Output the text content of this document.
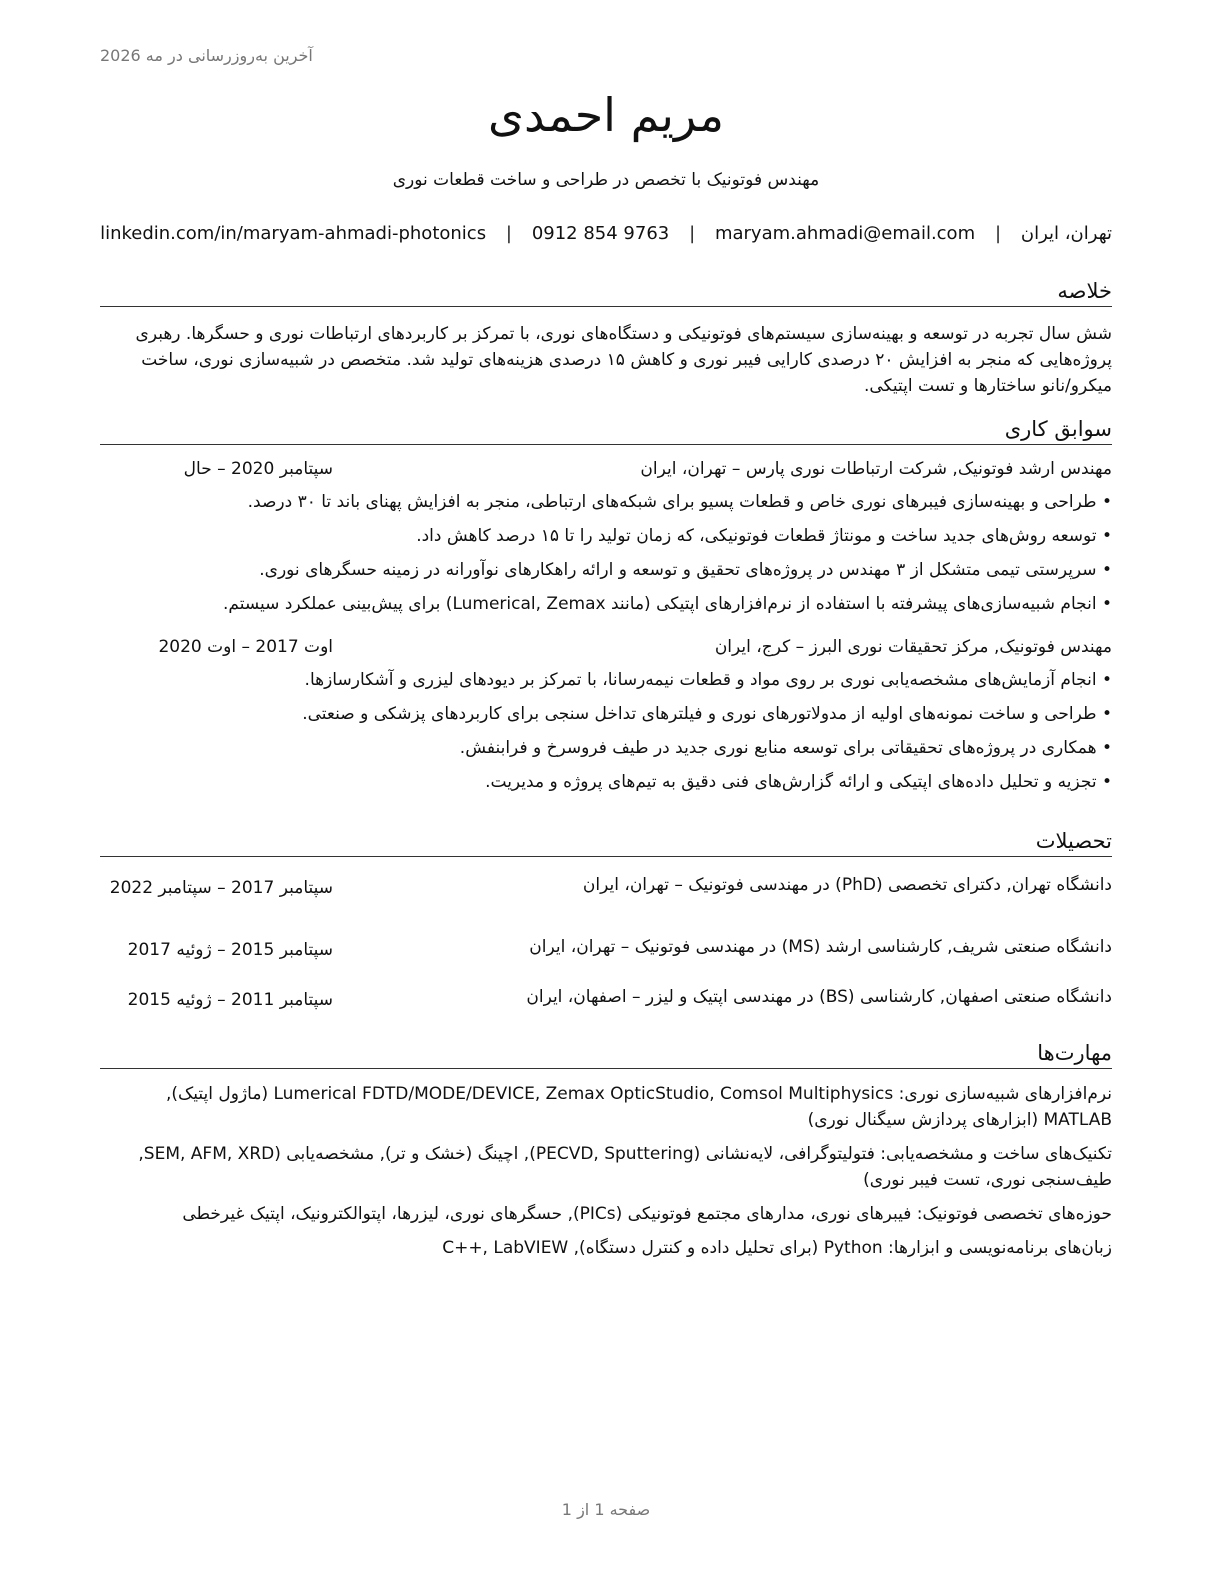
آخرین به‌روزرسانی در مه 2026
مریم احمدی
مهندس فوتونیک با تخصص در طراحی و ساخت قطعات نوری
تهران، ایران
|
maryam.ahmadi@email.com
|
0912 854 9763
|
linkedin.com/in/maryam-ahmadi-photonics
خلاصه
شش سال تجربه در توسعه و بهینه‌سازی سیستم‌های فوتونیکی و دستگاه‌های نوری، با تمرکز بر کاربردهای ارتباطات نوری و حسگرها. رهبری پروژه‌هایی که منجر به افزایش ۲۰ درصدی کارایی فیبر نوری و کاهش ۱۵ درصدی هزینه‌های تولید شد. متخصص در شبیه‌سازی نوری، ساخت میکرو/نانو ساختارها و تست اپتیکی.
سوابق کاری
مهندس ارشد فوتونیک, شرکت ارتباطات نوری پارس – تهران، ایران
سپتامبر 2020 – حال
• طراحی و بهینه‌سازی فیبرهای نوری خاص و قطعات پسیو برای شبکه‌های ارتباطی، منجر به افزایش پهنای باند تا ۳۰ درصد.
• توسعه روش‌های جدید ساخت و مونتاژ قطعات فوتونیکی، که زمان تولید را تا ۱۵ درصد کاهش داد.
• سرپرستی تیمی متشکل از ۳ مهندس در پروژه‌های تحقیق و توسعه و ارائه راهکارهای نوآورانه در زمینه حسگرهای نوری.
• انجام شبیه‌سازی‌های پیشرفته با استفاده از نرم‌افزارهای اپتیکی (مانند Lumerical, Zemax) برای پیش‌بینی عملکرد سیستم.
مهندس فوتونیک, مرکز تحقیقات نوری البرز – کرج، ایران
اوت 2017 – اوت 2020
• انجام آزمایش‌های مشخصه‌یابی نوری بر روی مواد و قطعات نیمه‌رسانا، با تمرکز بر دیودهای لیزری و آشکارسازها.
• طراحی و ساخت نمونه‌های اولیه از مدولاتورهای نوری و فیلترهای تداخل سنجی برای کاربردهای پزشکی و صنعتی.
• همکاری در پروژه‌های تحقیقاتی برای توسعه منابع نوری جدید در طیف فروسرخ و فرابنفش.
• تجزیه و تحلیل داده‌های اپتیکی و ارائه گزارش‌های فنی دقیق به تیم‌های پروژه و مدیریت.
تحصیلات
دانشگاه تهران, دکترای تخصصی (PhD) در مهندسی فوتونیک – تهران، ایران
سپتامبر 2017 – سپتامبر 2022
دانشگاه صنعتی شریف, کارشناسی ارشد (MS) در مهندسی فوتونیک – تهران، ایران
سپتامبر 2015 – ژوئیه 2017
دانشگاه صنعتی اصفهان, کارشناسی (BS) در مهندسی اپتیک و لیزر – اصفهان، ایران
سپتامبر 2011 – ژوئیه 2015
مهارت‌ها
نرم‌افزارهای شبیه‌سازی نوری: Lumerical FDTD/MODE/DEVICE, Zemax OpticStudio, Comsol Multiphysics (ماژول اپتیک), MATLAB (ابزارهای پردازش سیگنال نوری)
تکنیک‌های ساخت و مشخصه‌یابی: فتولیتوگرافی، لایه‌نشانی (PECVD, Sputtering), اچینگ (خشک و تر), مشخصه‌یابی (SEM, AFM, XRD, طیف‌سنجی نوری، تست فیبر نوری)
حوزه‌های تخصصی فوتونیک: فیبرهای نوری، مدارهای مجتمع فوتونیکی (PICs), حسگرهای نوری، لیزرها، اپتوالکترونیک، اپتیک غیرخطی
زبان‌های برنامه‌نویسی و ابزارها: Python (برای تحلیل داده و کنترل دستگاه), C++, LabVIEW
صفحه 1 از 1
